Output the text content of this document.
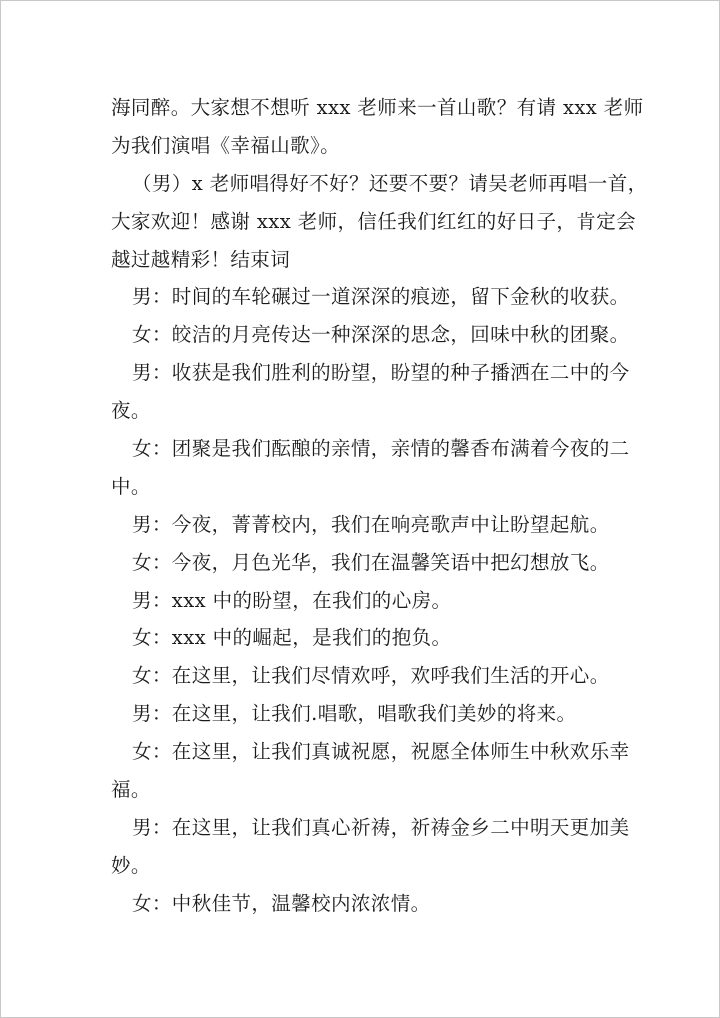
海同醉。大家想不想听 xxx 老师来一首山歌？有请 xxx 老师
为我们演唱《幸福山歌》。
（男）x 老师唱得好不好？还要不要？请吴老师再唱一首，
大家欢迎！感谢 xxx 老师，信任我们红红的好日子，肯定会
越过越精彩！结束词
男：时间的车轮碾过一道深深的痕迹，留下金秋的收获。
女：皎洁的月亮传达一种深深的思念，回味中秋的团聚。
男：收获是我们胜利的盼望，盼望的种子播洒在二中的今
夜。
女：团聚是我们酝酿的亲情，亲情的馨香布满着今夜的二
中。
男：今夜，菁菁校内，我们在响亮歌声中让盼望起航。
女：今夜，月色光华，我们在温馨笑语中把幻想放飞。
男：xxx 中的盼望，在我们的心房。
女：xxx 中的崛起，是我们的抱负。
女：在这里，让我们尽情欢呼，欢呼我们生活的开心。
男：在这里，让我们.唱歌，唱歌我们美妙的将来。
女：在这里，让我们真诚祝愿，祝愿全体师生中秋欢乐幸
福。
男：在这里，让我们真心祈祷，祈祷金乡二中明天更加美
妙。
女：中秋佳节，温馨校内浓浓情。
